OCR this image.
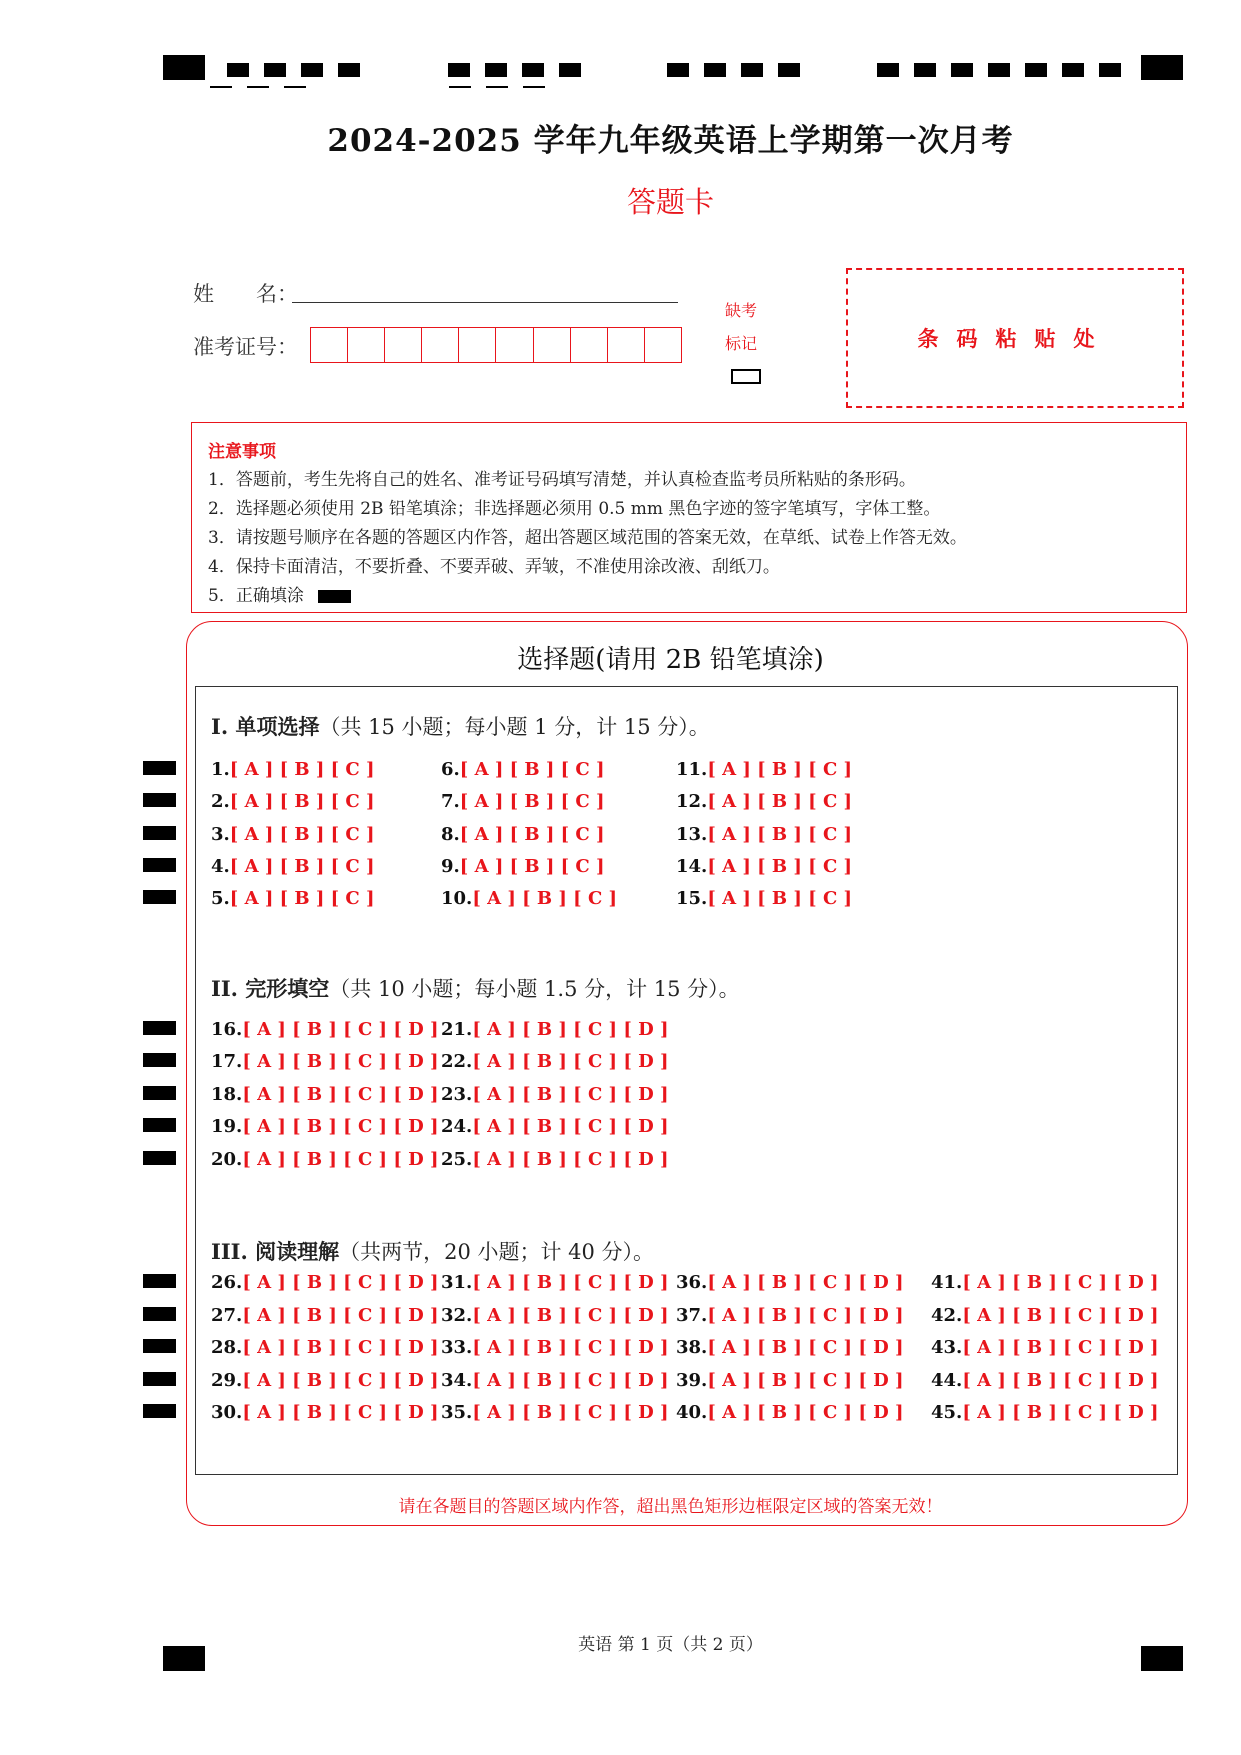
2024-2025 学年九年级英语上学期第一次月考
答题卡
姓　　名：
准考证号：
缺考
标记	条码粘贴处
注意事项
1．答题前，考生先将自己的姓名、准考证号码填写清楚，并认真检查监考员所粘贴的条形码。
2．选择题必须使用 2B 铅笔填涂；非选择题必须用 0.5 mm 黑色字迹的签字笔填写，字体工整。
3．请按题号顺序在各题的答题区内作答，超出答题区域范围的答案无效，在草纸、试卷上作答无效。
4．保持卡面清洁，不要折叠、不要弄破、弄皱，不准使用涂改液、刮纸刀。
5．正确填涂
选择题(请用 2B 铅笔填涂)
I. 单项选择（共 15 小题；每小题 1 分，计 15 分）。
II. 完形填空（共 10 小题；每小题 1.5 分，计 15 分）。
III. 阅读理解（共两节，20 小题；计 40 分）。
1.[ A ] [ B ] [ C ]
2.[ A ] [ B ] [ C ]
3.[ A ] [ B ] [ C ]
4.[ A ] [ B ] [ C ]
5.[ A ] [ B ] [ C ]
6.[ A ] [ B ] [ C ]
7.[ A ] [ B ] [ C ]
8.[ A ] [ B ] [ C ]
9.[ A ] [ B ] [ C ]
10.[ A ] [ B ] [ C ]
11.[ A ] [ B ] [ C ]
12.[ A ] [ B ] [ C ]
13.[ A ] [ B ] [ C ]
14.[ A ] [ B ] [ C ]
15.[ A ] [ B ] [ C ]
16.[ A ] [ B ] [ C ] [ D ]
17.[ A ] [ B ] [ C ] [ D ]
18.[ A ] [ B ] [ C ] [ D ]
19.[ A ] [ B ] [ C ] [ D ]
20.[ A ] [ B ] [ C ] [ D ]
21.[ A ] [ B ] [ C ] [ D ]
22.[ A ] [ B ] [ C ] [ D ]
23.[ A ] [ B ] [ C ] [ D ]
24.[ A ] [ B ] [ C ] [ D ]
25.[ A ] [ B ] [ C ] [ D ]
26.[ A ] [ B ] [ C ] [ D ]
27.[ A ] [ B ] [ C ] [ D ]
28.[ A ] [ B ] [ C ] [ D ]
29.[ A ] [ B ] [ C ] [ D ]
30.[ A ] [ B ] [ C ] [ D ]
31.[ A ] [ B ] [ C ] [ D ]
32.[ A ] [ B ] [ C ] [ D ]
33.[ A ] [ B ] [ C ] [ D ]
34.[ A ] [ B ] [ C ] [ D ]
35.[ A ] [ B ] [ C ] [ D ]
36.[ A ] [ B ] [ C ] [ D ]
37.[ A ] [ B ] [ C ] [ D ]
38.[ A ] [ B ] [ C ] [ D ]
39.[ A ] [ B ] [ C ] [ D ]
40.[ A ] [ B ] [ C ] [ D ]
41.[ A ] [ B ] [ C ] [ D ]
42.[ A ] [ B ] [ C ] [ D ]
43.[ A ] [ B ] [ C ] [ D ]
44.[ A ] [ B ] [ C ] [ D ]
45.[ A ] [ B ] [ C ] [ D ]
请在各题目的答题区域内作答，超出黑色矩形边框限定区域的答案无效！
英语 第 1 页（共 2 页）
